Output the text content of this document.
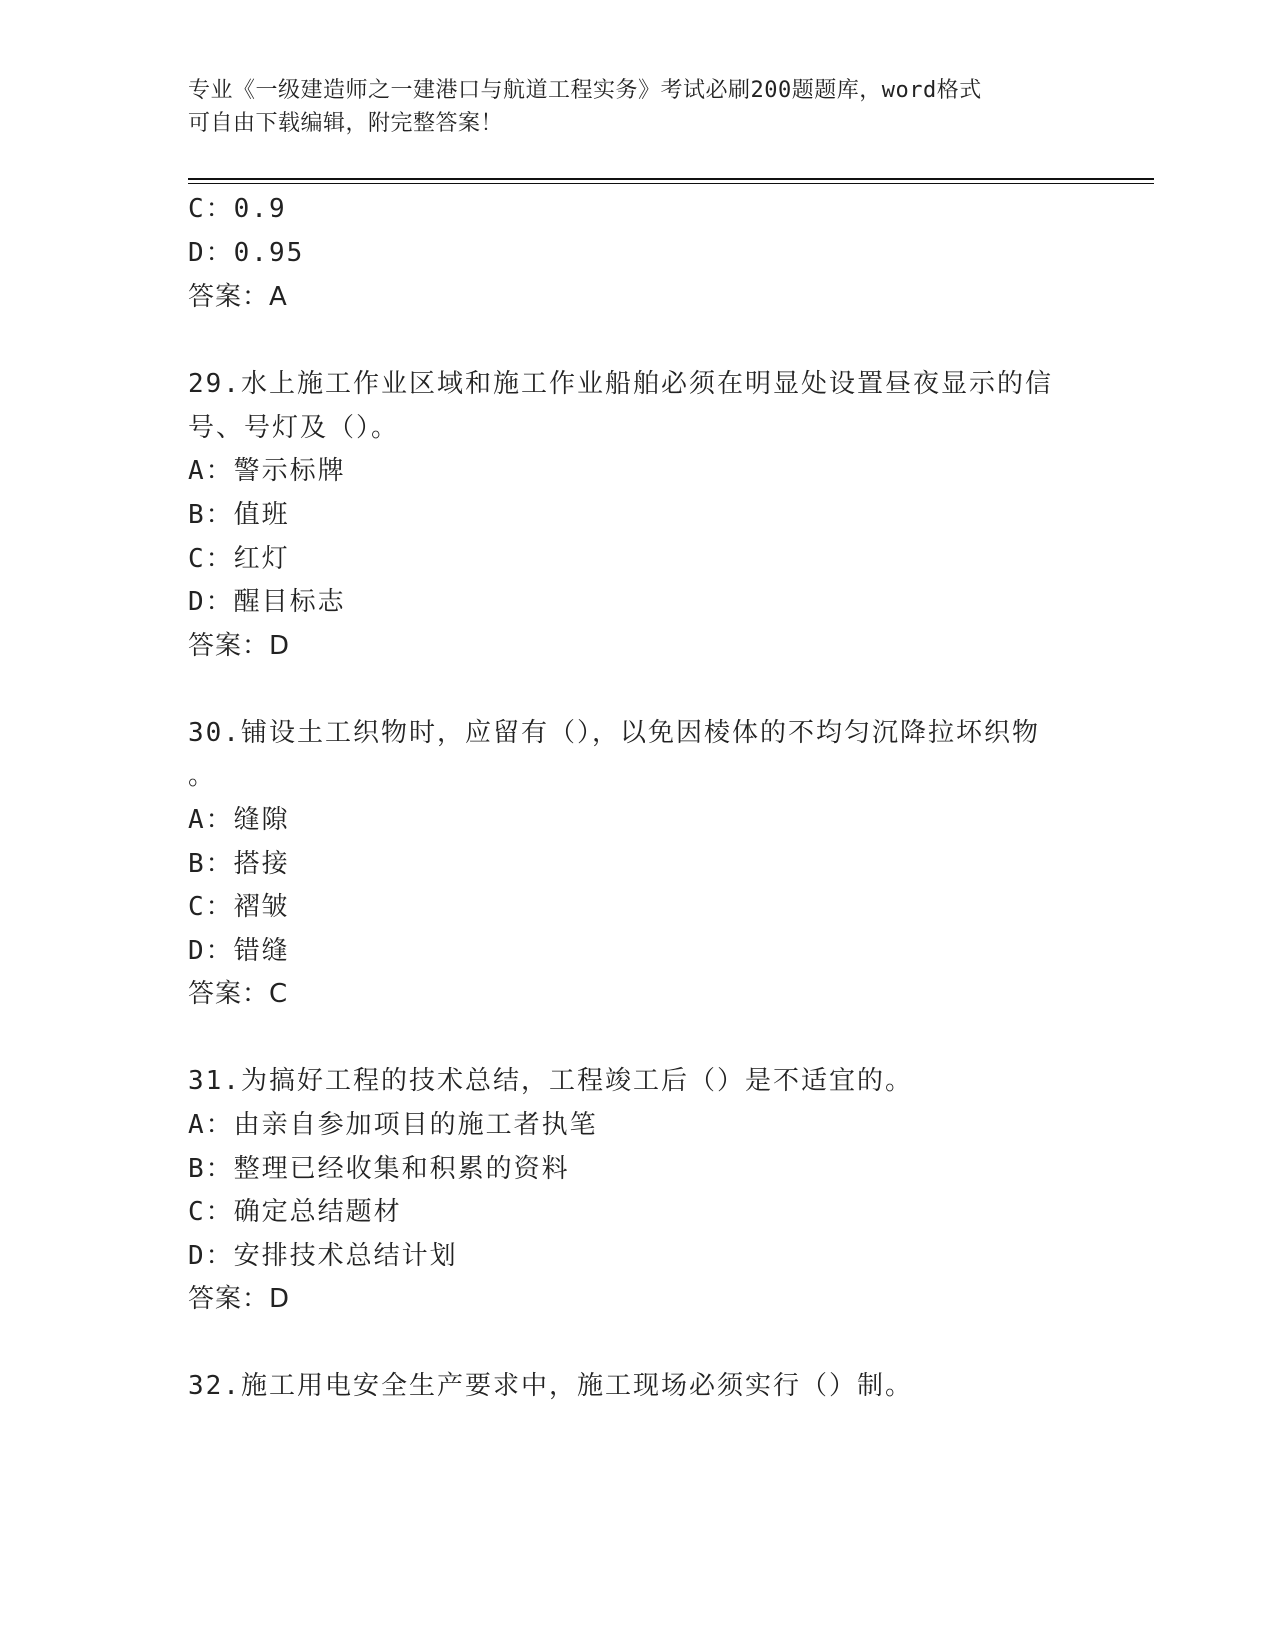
专业《一级建造师之一建港口与航道工程实务》考试必刷200题题库，word格式
可自由下载编辑，附完整答案！
C：0.9
D：0.95
答案：A
29.水上施工作业区域和施工作业船舶必须在明显处设置昼夜显示的信
号、号灯及（）。
A：警示标牌
B：值班
C：红灯
D：醒目标志
答案：D
30.铺设土工织物时，应留有（），以免因棱体的不均匀沉降拉坏织物
。
A：缝隙
B：搭接
C：褶皱
D：错缝
答案：C
31.为搞好工程的技术总结，工程竣工后（）是不适宜的。
A：由亲自参加项目的施工者执笔
B：整理已经收集和积累的资料
C：确定总结题材
D：安排技术总结计划
答案：D
32.施工用电安全生产要求中，施工现场必须实行（）制。
